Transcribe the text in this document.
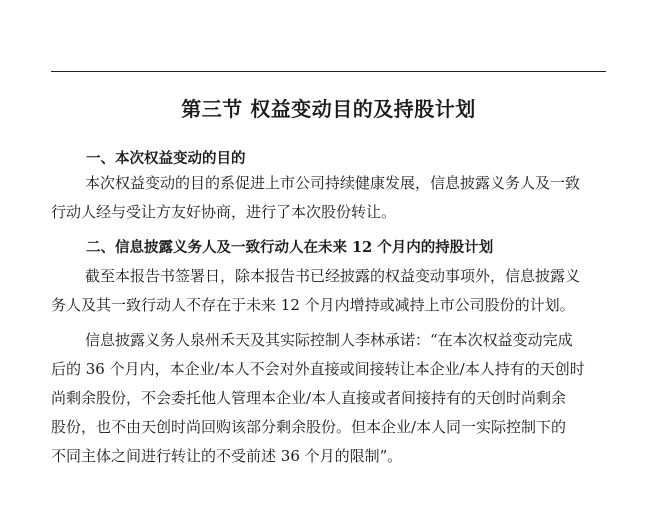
第三节 权益变动目的及持股计划
一、本次权益变动的目的
本次权益变动的目的系促进上市公司持续健康发展，信息披露义务人及一致
行动人经与受让方友好协商，进行了本次股份转让。
二、信息披露义务人及一致行动人在未来 12 个月内的持股计划
截至本报告书签署日，除本报告书已经披露的权益变动事项外，信息披露义
务人及其一致行动人不存在于未来 12 个月内增持或减持上市公司股份的计划。
信息披露义务人泉州禾天及其实际控制人李林承诺：“在本次权益变动完成
后的 36 个月内，本企业/本人不会对外直接或间接转让本企业/本人持有的天创时
尚剩余股份，不会委托他人管理本企业/本人直接或者间接持有的天创时尚剩余
股份，也不由天创时尚回购该部分剩余股份。但本企业/本人同一实际控制下的
不同主体之间进行转让的不受前述 36 个月的限制”。
